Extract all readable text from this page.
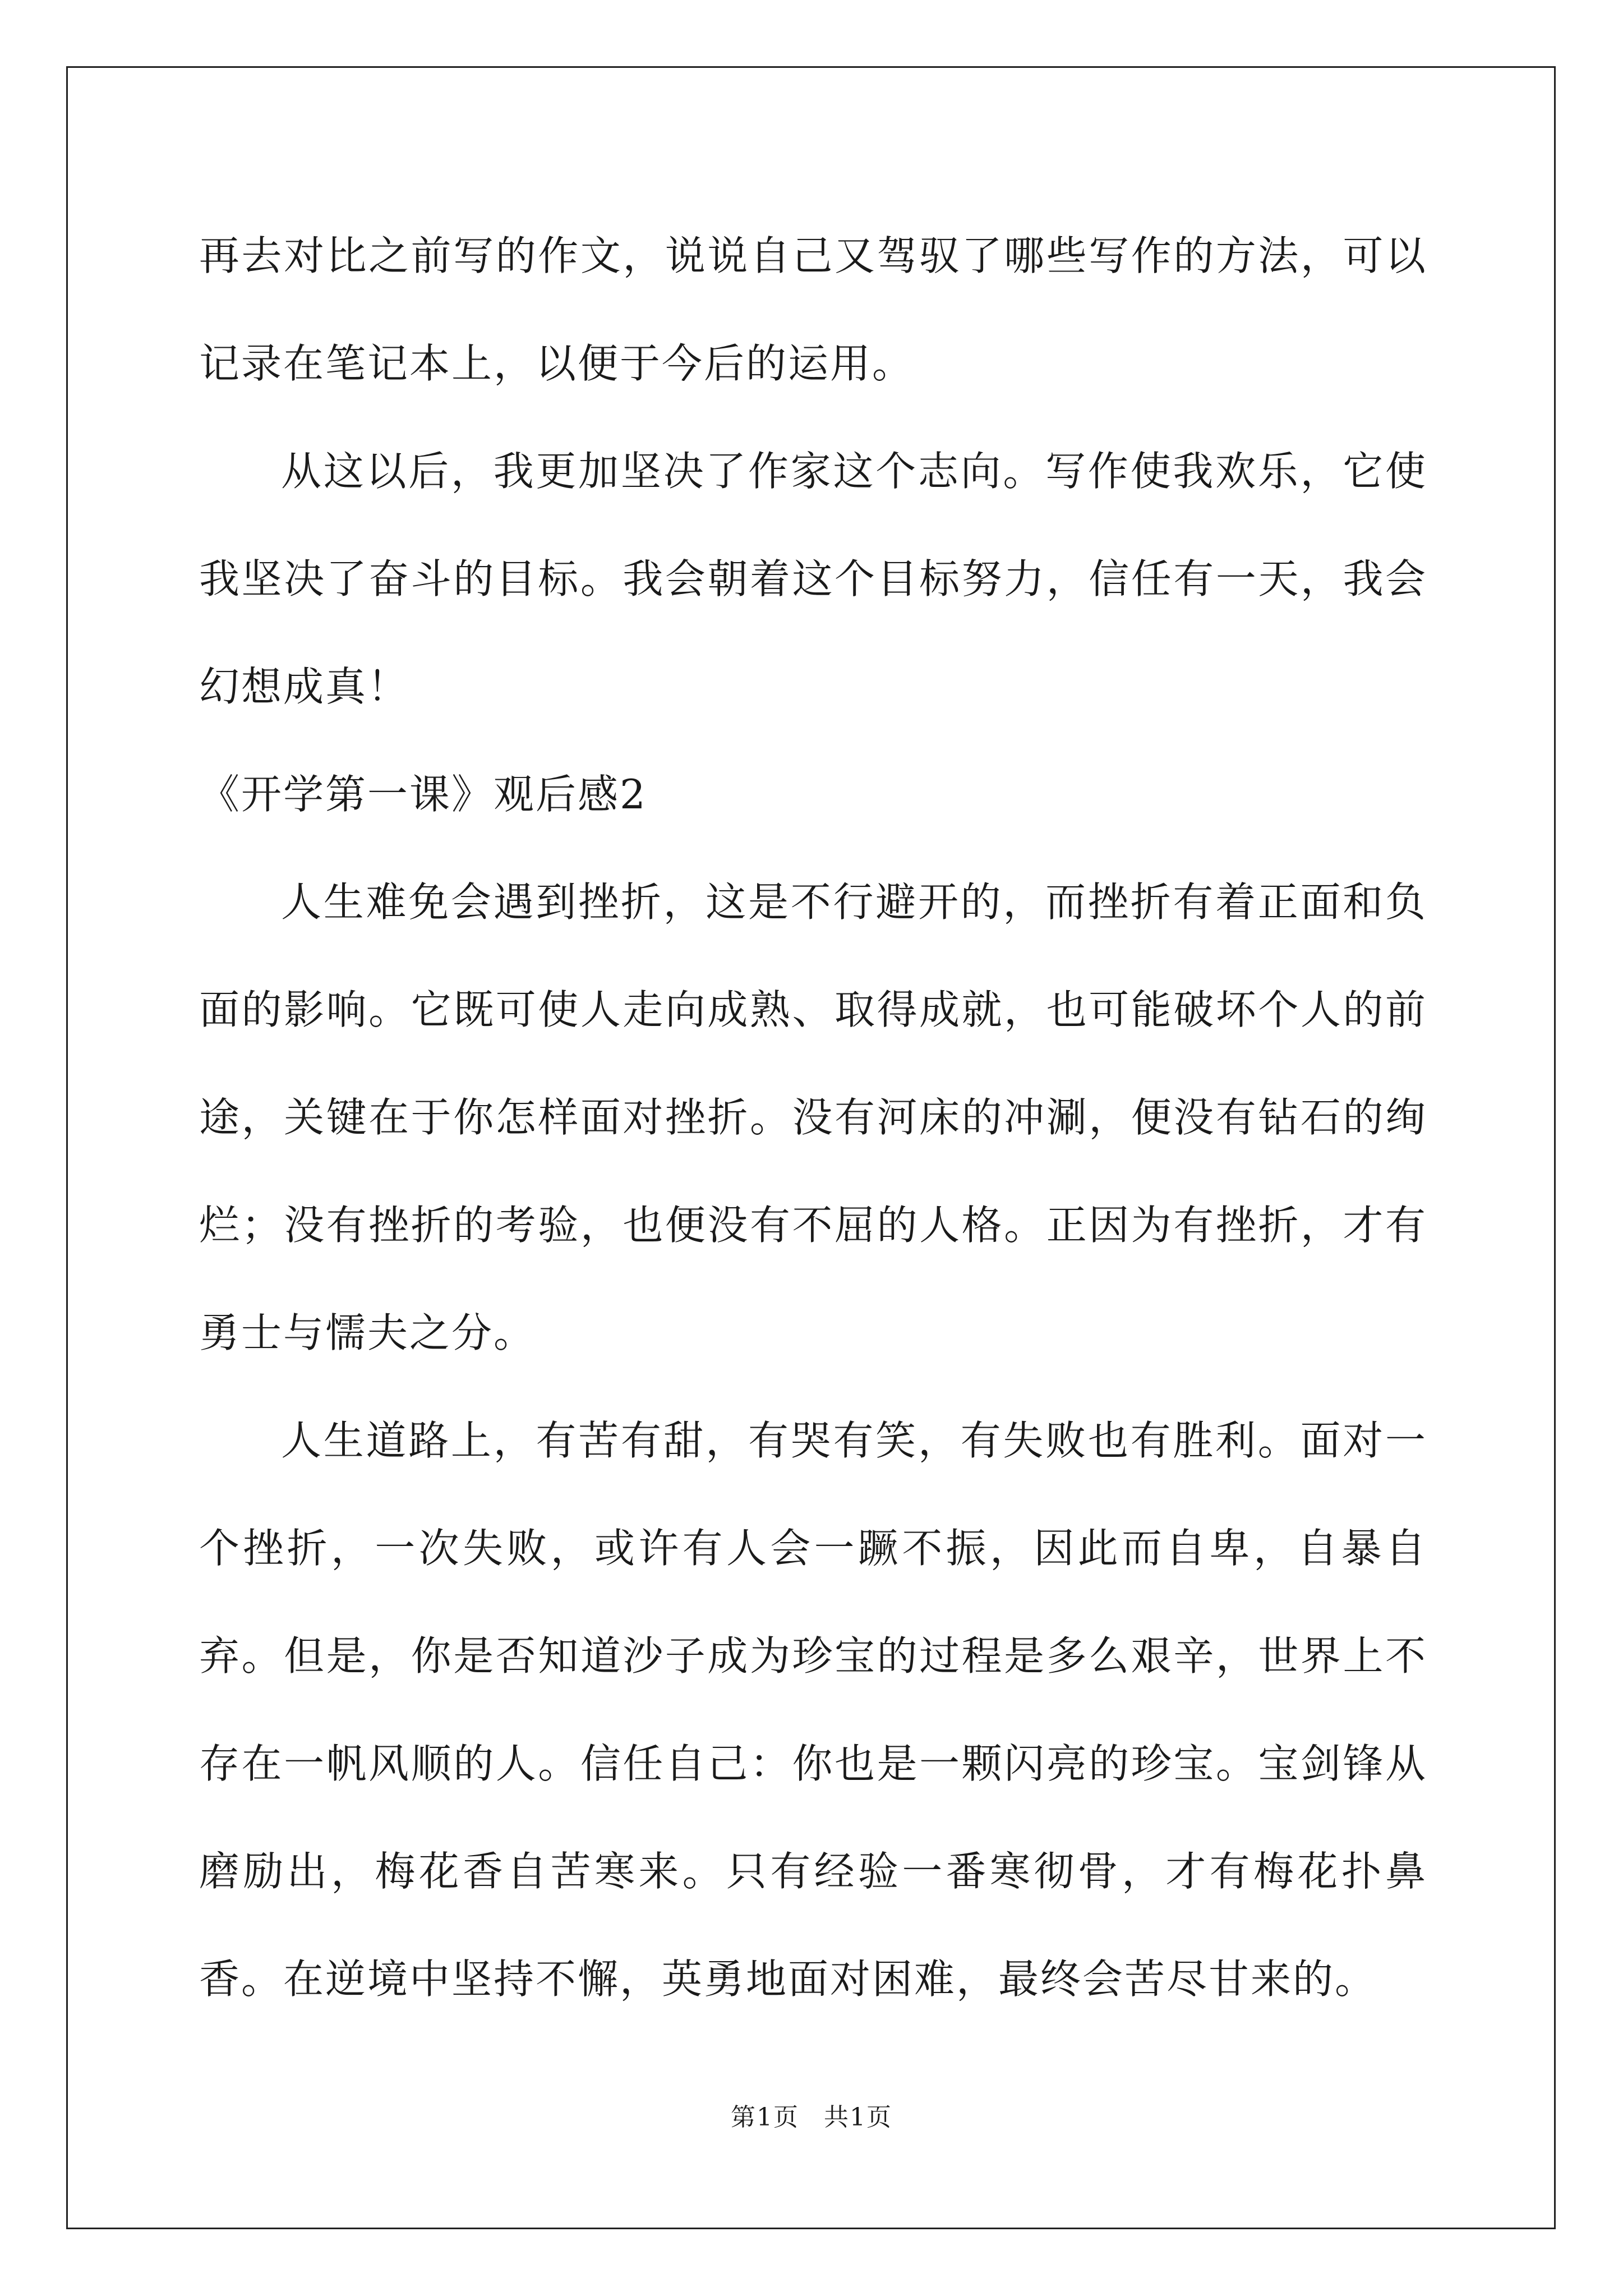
再去对比之前写的作文，说说自己又驾驭了哪些写作的方法，可以记录在笔记本上，以便于今后的运用。

从这以后，我更加坚决了作家这个志向。写作使我欢乐，它使我坚决了奋斗的目标。我会朝着这个目标努力，信任有一天，我会幻想成真！

《开学第一课》观后感2

人生难免会遇到挫折，这是不行避开的，而挫折有着正面和负面的影响。它既可使人走向成熟、取得成就，也可能破坏个人的前途，关键在于你怎样面对挫折。没有河床的冲涮，便没有钻石的绚烂；没有挫折的考验，也便没有不屈的人格。正因为有挫折，才有勇士与懦夫之分。

人生道路上，有苦有甜，有哭有笑，有失败也有胜利。面对一个挫折，一次失败，或许有人会一蹶不振，因此而自卑，自暴自弃。但是，你是否知道沙子成为珍宝的过程是多么艰辛，世界上不存在一帆风顺的人。信任自己：你也是一颗闪亮的珍宝。宝剑锋从磨励出，梅花香自苦寒来。只有经验一番寒彻骨，才有梅花扑鼻香。在逆境中坚持不懈，英勇地面对困难，最终会苦尽甘来的。

第1页 共1页
